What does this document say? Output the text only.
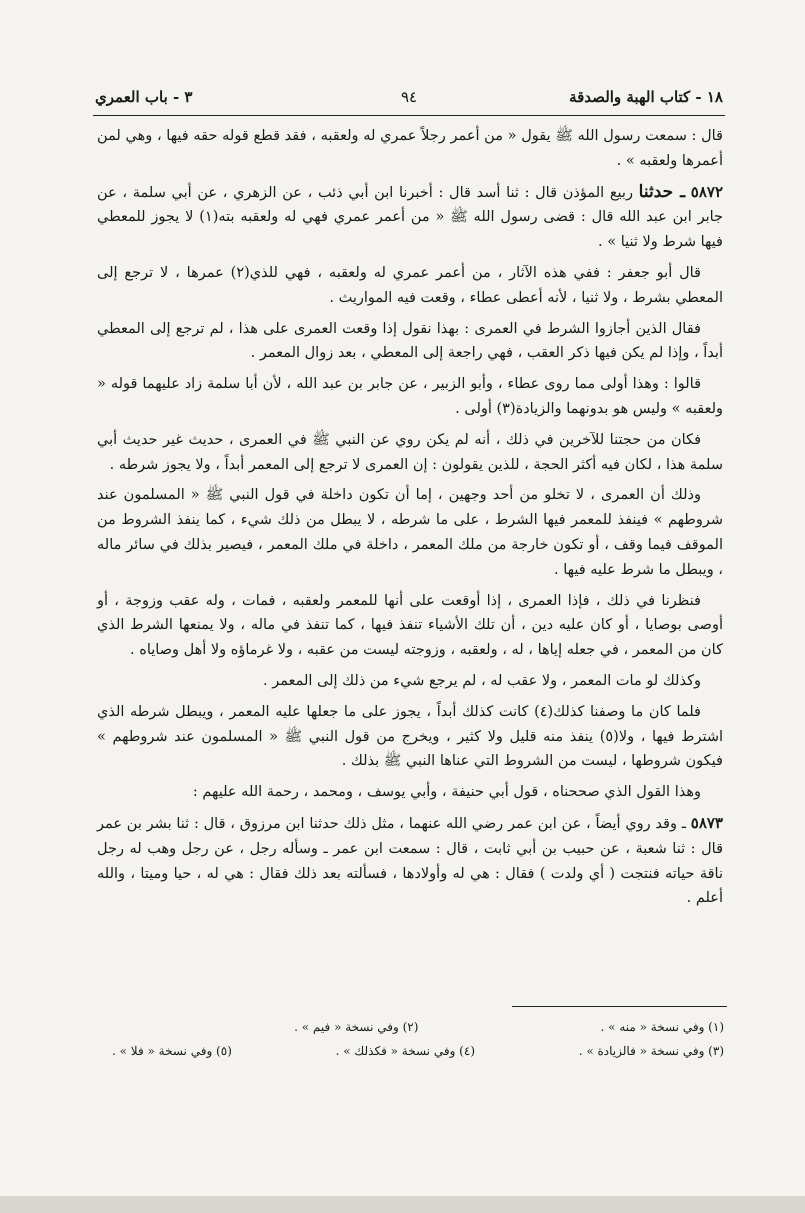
١٨ - كتاب الهبة والصدقة
٩٤
٣ - باب العمري

قال : سمعت رسول الله ﷺ يقول « من أعمر رجلاً عمري له ولعقبه ، فقد قطع قوله حقه فيها ، وهي لمن أعمرها ولعقبه » .

٥٨٧٢ ـ حدثنا ربيع المؤذن قال : ثنا أسد قال : أخبرنا ابن أبي ذئب ، عن الزهري ، عن أبي سلمة ، عن جابر ابن عبد الله قال : قضى رسول الله ﷺ « من أعمر عمري فهي له ولعقبه بته(١) لا يجوز للمعطي فيها شرط ولا ثنيا » .

قال أبو جعفر : ففي هذه الآثار ، من أعمر عمري له ولعقبه ، فهي للذي(٢) عمرها ، لا ترجع إلى المعطي بشرط ، ولا ثنيا ، لأنه أعطى عطاء ، وقعت فيه المواريث .

فقال الذين أجازوا الشرط في العمرى : بهذا نقول إذا وقعت العمرى على هذا ، لم ترجع إلى المعطي أبداً ، وإذا لم يكن فيها ذكر العقب ، فهي راجعة إلى المعطي ، بعد زوال المعمر .

قالوا : وهذا أولى مما روى عطاء ، وأبو الزبير ، عن جابر بن عبد الله ، لأن أبا سلمة زاد عليهما قوله « ولعقبه » وليس هو بدونهما والزيادة(٣) أولى .

فكان من حجتنا للآخرين في ذلك ، أنه لم يكن روي عن النبي ﷺ في العمرى ، حديث غير حديث أبي سلمة هذا ، لكان فيه أكثر الحجة ، للذين يقولون : إن العمرى لا ترجع إلى المعمر أبداً ، ولا يجوز شرطه .

وذلك أن العمرى ، لا تخلو من أحد وجهين ، إما أن تكون داخلة في قول النبي ﷺ « المسلمون عند شروطهم » فينفذ للمعمر فيها الشرط ، على ما شرطه ، لا يبطل من ذلك شيء ، كما ينفذ الشروط من الموقف فيما وقف ، أو تكون خارجة من ملك المعمر ، داخلة في ملك المعمر ، فيصير بذلك في سائر ماله ، ويبطل ما شرط عليه فيها .

فنظرنا في ذلك ، فإذا العمرى ، إذا أوقعت على أنها للمعمر ولعقبه ، فمات ، وله عقب وزوجة ، أو أوصى بوصايا ، أو كان عليه دين ، أن تلك الأشياء تنفذ فيها ، كما تنفذ في ماله ، ولا يمنعها الشرط الذي كان من المعمر ، في جعله إياها ، له ، ولعقبه ، وزوجته ليست من عقبه ، ولا غرماؤه ولا أهل وصاياه .

وكذلك لو مات المعمر ، ولا عقب له ، لم يرجع شيء من ذلك إلى المعمر .

فلما كان ما وصفنا كذلك(٤) كانت كذلك أبداً ، يجوز على ما جعلها عليه المعمر ، ويبطل شرطه الذي اشترط فيها ، ولا(٥) ينفذ منه قليل ولا كثير ، ويخرج من قول النبي ﷺ « المسلمون عند شروطهم » فيكون شروطها ، ليست من الشروط التي عناها النبي ﷺ بذلك .

وهذا القول الذي صححناه ، قول أبي حنيفة ، وأبي يوسف ، ومحمد ، رحمة الله عليهم :

٥٨٧٣ ـ وقد روي أيضاً ، عن ابن عمر رضي الله عنهما ، مثل ذلك حدثنا ابن مرزوق ، قال : ثنا بشر بن عمر قال : ثنا شعبة ، عن حبيب بن أبي ثابت ، قال : سمعت ابن عمر ـ وسأله رجل ، عن رجل وهب له رجل ناقة حياته فنتجت ( أي ولدت ) فقال : هي له وأولادها ، فسألته بعد ذلك فقال : هي له ، حيا وميتا ، والله أعلم .

(١) وفي نسخة « منه » .
(٢) وفي نسخة « فيم » .
(٣) وفي نسخة « فالزيادة » .
(٤) وفي نسخة « فكذلك » .
(٥) وفي نسخة « فلا » .
